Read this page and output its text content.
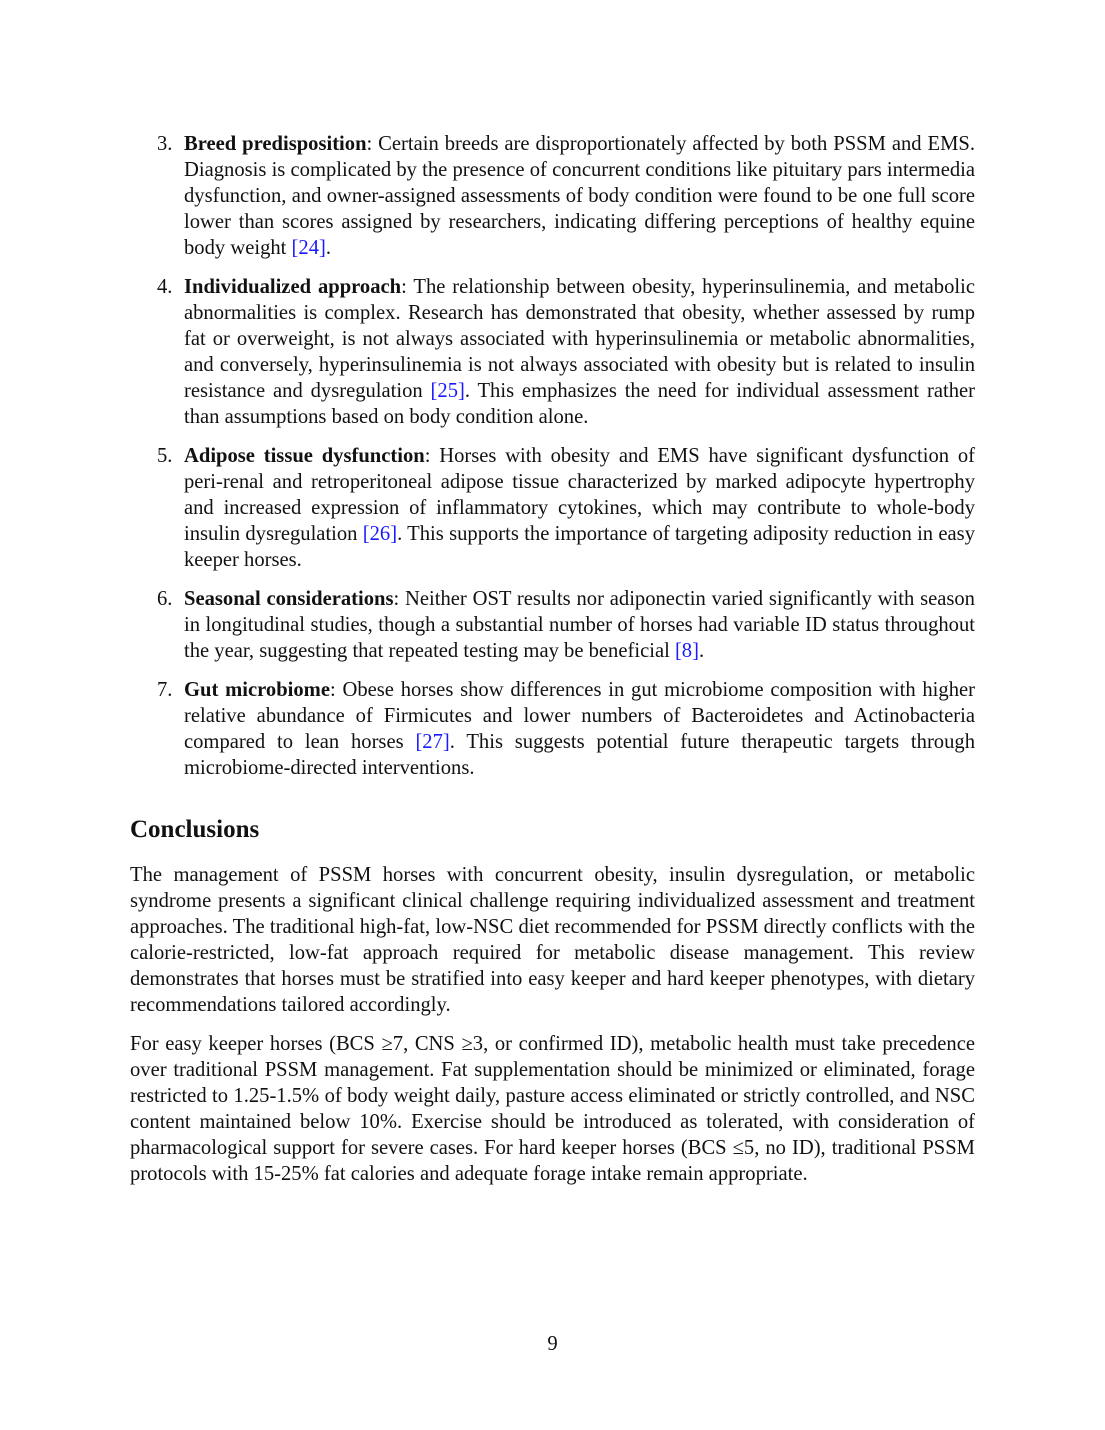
3. Breed predisposition: Certain breeds are disproportionately affected by both PSSM and EMS. Diagnosis is complicated by the presence of concurrent conditions like pituitary pars intermedia dysfunction, and owner-assigned assessments of body condition were found to be one full score lower than scores assigned by researchers, indicating differing perceptions of healthy equine body weight [24].
4. Individualized approach: The relationship between obesity, hyperinsulinemia, and metabolic abnormalities is complex. Research has demonstrated that obesity, whether assessed by rump fat or overweight, is not always associated with hyperinsulinemia or metabolic abnormalities, and conversely, hyperinsulinemia is not always associated with obesity but is related to insulin resistance and dysregulation [25]. This emphasizes the need for individual assessment rather than assumptions based on body condition alone.
5. Adipose tissue dysfunction: Horses with obesity and EMS have significant dysfunction of peri-renal and retroperitoneal adipose tissue characterized by marked adipocyte hypertrophy and increased expression of inflammatory cytokines, which may contribute to whole-body insulin dysregulation [26]. This supports the importance of targeting adiposity reduction in easy keeper horses.
6. Seasonal considerations: Neither OST results nor adiponectin varied significantly with season in longitudinal studies, though a substantial number of horses had variable ID status throughout the year, suggesting that repeated testing may be beneficial [8].
7. Gut microbiome: Obese horses show differences in gut microbiome composition with higher relative abundance of Firmicutes and lower numbers of Bacteroidetes and Actinobacteria compared to lean horses [27]. This suggests potential future therapeutic targets through microbiome-directed interventions.
Conclusions

The management of PSSM horses with concurrent obesity, insulin dysregulation, or metabolic syndrome presents a significant clinical challenge requiring individualized assessment and treatment approaches. The traditional high-fat, low-NSC diet recommended for PSSM directly conflicts with the calorie-restricted, low-fat approach required for metabolic disease management. This review demonstrates that horses must be stratified into easy keeper and hard keeper phenotypes, with dietary recommendations tailored accordingly.

For easy keeper horses (BCS ≥7, CNS ≥3, or confirmed ID), metabolic health must take precedence over traditional PSSM management. Fat supplementation should be minimized or eliminated, forage restricted to 1.25-1.5% of body weight daily, pasture access eliminated or strictly controlled, and NSC content maintained below 10%. Exercise should be introduced as tolerated, with consideration of pharmacological support for severe cases. For hard keeper horses (BCS ≤5, no ID), traditional PSSM protocols with 15-25% fat calories and adequate forage intake remain appropriate.

9
